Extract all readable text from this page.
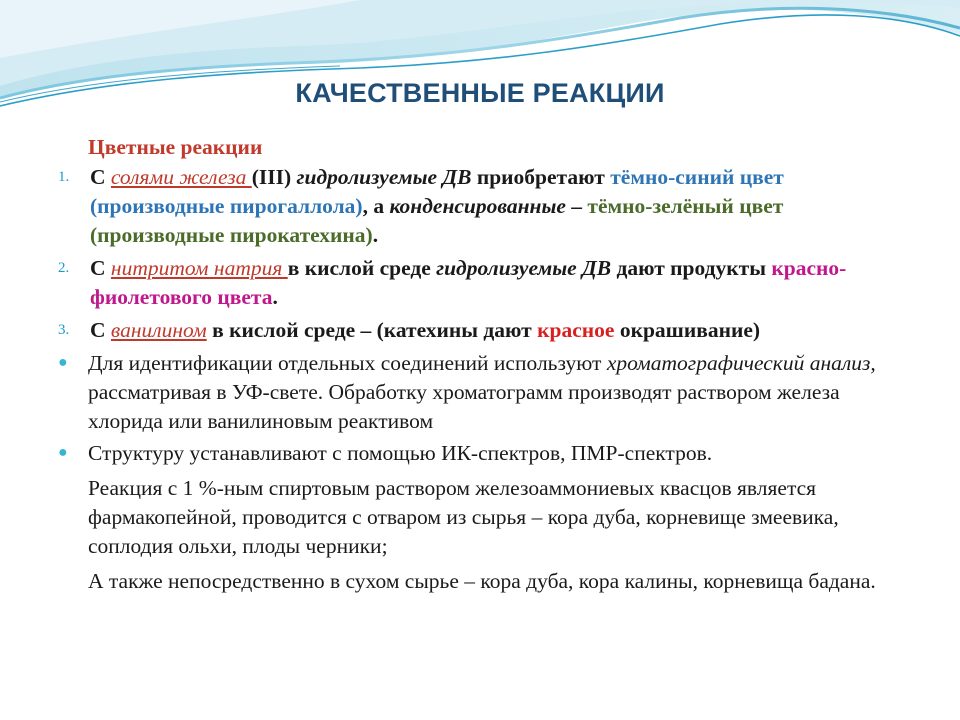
КАЧЕСТВЕННЫЕ РЕАКЦИИ
Цветные реакции
1. С солями железа (III) гидролизуемые ДВ приобретают тёмно-синий цвет (производные пирогаллола), а конденсированные – тёмно-зелёный цвет (производные пирокатехина).
2. С нитритом натрия в кислой среде гидролизуемые ДВ дают продукты красно-фиолетового цвета.
3. С ванилином в кислой среде – (катехины дают красное окрашивание)
● Для идентификации отдельных соединений используют хроматографический анализ, рассматривая в УФ-свете. Обработку хроматограмм производят раствором железа хлорида или ванилиновым реактивом
● Структуру устанавливают с помощью ИК-спектров, ПМР-спектров.
Реакция с 1 %-ным спиртовым раствором железоаммониевых квасцов является фармакопейной, проводится с отваром из сырья – кора дуба, корневище змеевика, соплодия ольхи, плоды черники;
А также непосредственно в сухом сырье – кора дуба, кора калины, корневища бадана.
